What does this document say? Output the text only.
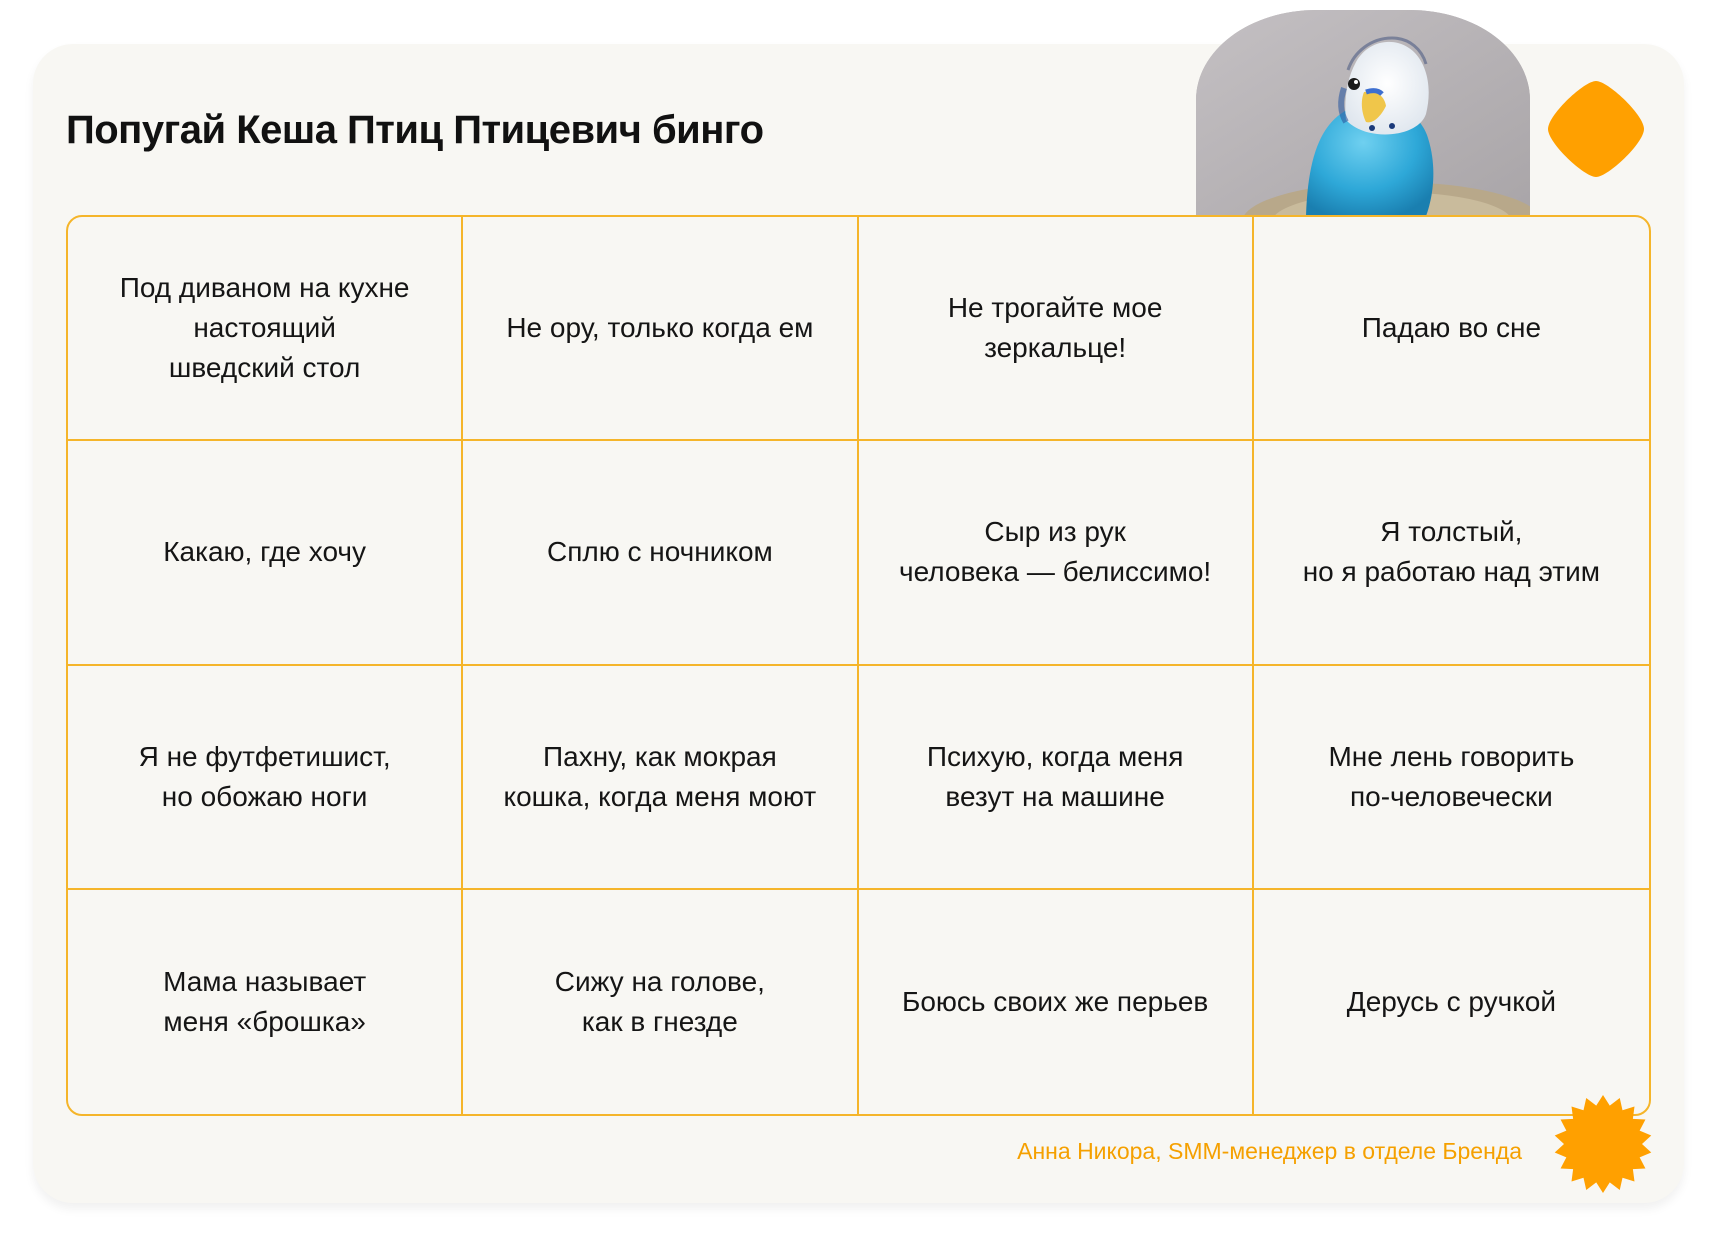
Попугай Кеша Птиц Птицевич бинго
Под диваном на кухне
настоящий
шведский стол
Не ору, только когда ем
Не трогайте мое
зеркальце!
Падаю во сне
Какаю, где хочу	Сплю с ночником
Сыр из рук
человека — белиссимо!
Я толстый,
но я работаю над этим
Я не футфетишист,
но обожаю ноги
Пахну, как мокрая
кошка, когда меня моют
Психую, когда меня
везут на машине
Мне лень говорить
по-человечески
Мама называет
меня «брошка»
Сижу на голове,
как в гнезде
Боюсь своих же перьев	Дерусь с ручкой
Анна Никора, SMM-менеджер в отделе Бренда
